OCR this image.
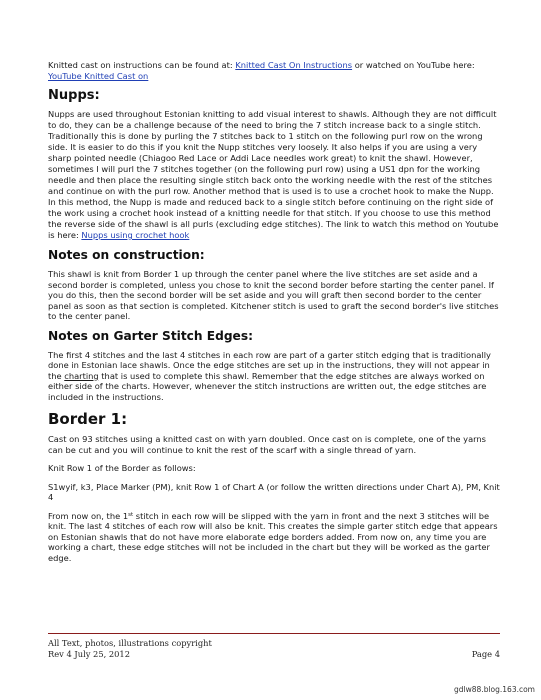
Knitted cast on instructions can be found at: Knitted Cast On Instructions or watched on YouTube here: YouTube Knitted Cast on

Nupps:

Nupps are used throughout Estonian knitting to add visual interest to shawls. Although they are not difficult to do, they can be a challenge because of the need to bring the 7 stitch increase back to a single stitch. Traditionally this is done by purling the 7 stitches back to 1 stitch on the following purl row on the wrong side. It is easier to do this if you knit the Nupp stitches very loosely. It also helps if you are using a very sharp pointed needle (Chiagoo Red Lace or Addi Lace needles work great) to knit the shawl. However, sometimes I will purl the 7 stitches together (on the following purl row) using a US1 dpn for the working needle and then place the resulting single stitch back onto the working needle with the rest of the stitches and continue on with the purl row. Another method that is used is to use a crochet hook to make the Nupp. In this method, the Nupp is made and reduced back to a single stitch before continuing on the right side of the work using a crochet hook instead of a knitting needle for that stitch. If you choose to use this method the reverse side of the shawl is all purls (excluding edge stitches). The link to watch this method on Youtube is here: Nupps using crochet hook

Notes on construction:

This shawl is knit from Border 1 up through the center panel where the live stitches are set aside and a second border is completed, unless you chose to knit the second border before starting the center panel. If you do this, then the second border will be set aside and you will graft then second border to the center panel as soon as that section is completed. Kitchener stitch is used to graft the second border's live stitches to the center panel.

Notes on Garter Stitch Edges:

The first 4 stitches and the last 4 stitches in each row are part of a garter stitch edging that is traditionally done in Estonian lace shawls. Once the edge stitches are set up in the instructions, they will not appear in the charting that is used to complete this shawl. Remember that the edge stitches are always worked on either side of the charts. However, whenever the stitch instructions are written out, the edge stitches are included in the instructions.

Border 1:

Cast on 93 stitches using a knitted cast on with yarn doubled. Once cast on is complete, one of the yarns can be cut and you will continue to knit the rest of the scarf with a single thread of yarn.

Knit Row 1 of the Border as follows:

S1wyif, k3, Place Marker (PM), knit Row 1 of Chart A (or follow the written directions under Chart A), PM, Knit 4

From now on, the 1st stitch in each row will be slipped with the yarn in front and the next 3 stitches will be knit. The last 4 stitches of each row will also be knit. This creates the simple garter stitch edge that appears on Estonian shawls that do not have more elaborate edge borders added. From now on, any time you are working a chart, these edge stitches will not be included in the chart but they will be worked as the garter edge.

All Text, photos, illustrations copyright
Rev 4 July 25, 2012	Page 4
gdlw88.blog.163.com
